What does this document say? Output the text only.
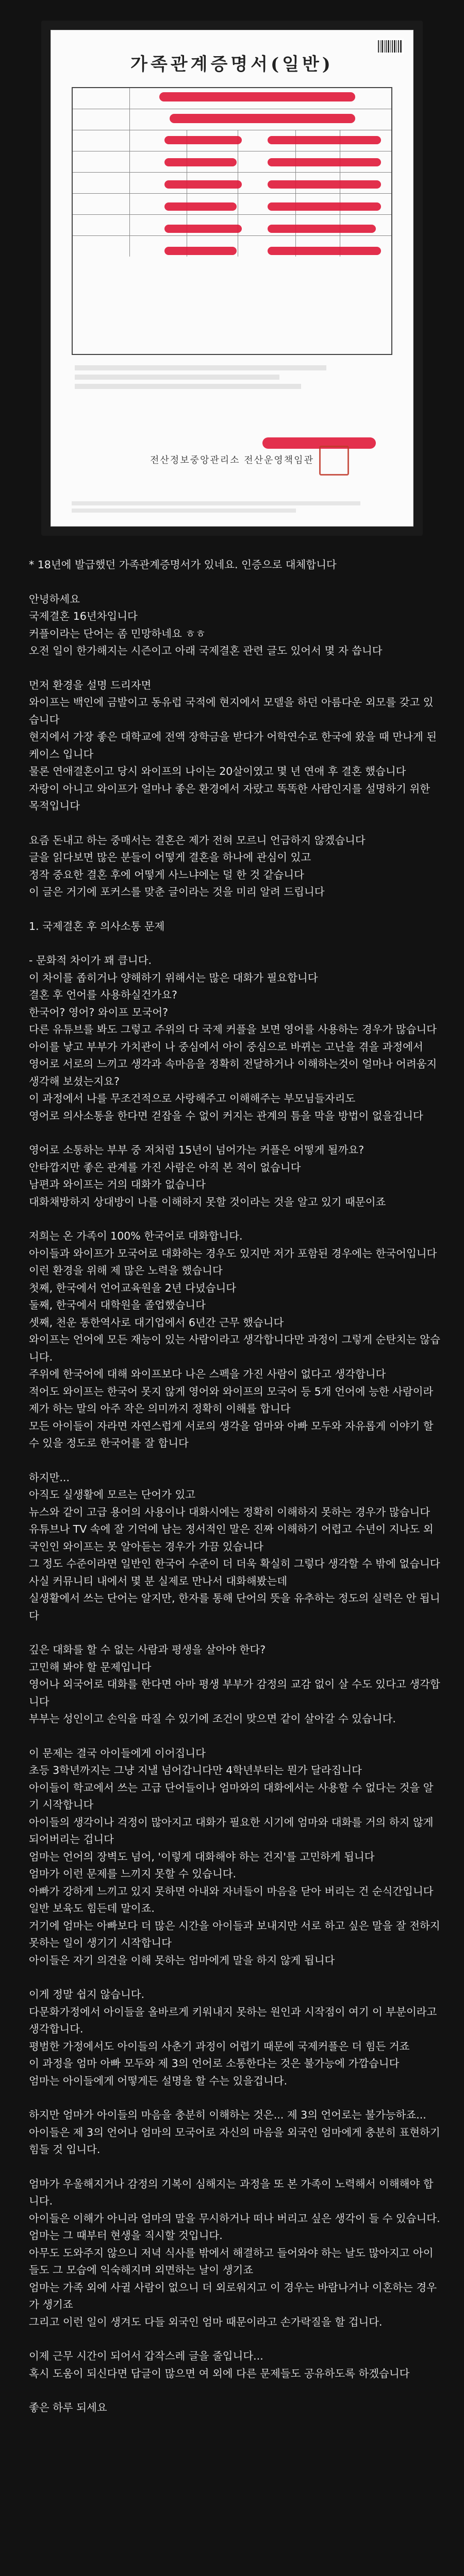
가족관계증명서(일반)
전산정보중앙관리소 전산운영책임관

* 18년에 발급했던 가족관계증명서가 있네요. 인증으로 대체합니다

안녕하세요
국제결혼 16년차입니다
커플이라는 단어는 좀 민망하네요 ㅎㅎ
오전 일이 한가해지는 시즌이고 아래 국제결혼 관련 글도 있어서 몇 자 씁니다

먼저 환경을 설명 드리자면
와이프는 백인에 금발이고 동유럽 국적에 현지에서 모델을 하던 아름다운 외모를 갖고 있습니다
현지에서 가장 좋은 대학교에 전액 장학금을 받다가 어학연수로 한국에 왔을 때 만나게 된 케이스 입니다
물론 연애결혼이고 당시 와이프의 나이는 20살이였고 몇 년 연애 후 결혼 했습니다
자랑이 아니고 와이프가 얼마나 좋은 환경에서 자랐고 똑똑한 사람인지를 설명하기 위한 목적입니다

요즘 돈내고 하는 중매서는 결혼은 제가 전혀 모르니 언급하지 않겠습니다
글을 읽다보면 많은 분들이 어떻게 결혼을 하나에 관심이 있고
정작 중요한 결혼 후에 어떻게 사느냐에는 덜 한 것 같습니다
이 글은 거기에 포커스를 맞춘 글이라는 것을 미리 알려 드립니다

1. 국제결혼 후 의사소통 문제

- 문화적 차이가 꽤 큽니다.
이 차이를 좁히거나 양해하기 위해서는 많은 대화가 필요합니다
결혼 후 언어를 사용하실건가요?
한국어? 영어? 와이프 모국어?
다른 유튜브를 봐도 그렇고 주위의 다 국제 커플을 보면 영어를 사용하는 경우가 많습니다
아이를 낳고 부부가 가치관이 나 중심에서 아이 중심으로 바뀌는 고난을 겪을 과정에서
영어로 서로의 느끼고 생각과 속마음을 정확히 전달하거나 이해하는것이 얼마나 어려움지 생각해 보셨는지요?
이 과정에서 나를 무조건적으로 사랑해주고 이해해주는 부모님들자리도
영어로 의사소통을 한다면 걷잡을 수 없이 커지는 관계의 틈을 막을 방법이 없을겁니다

영어로 소통하는 부부 중 저처럼 15년이 넘어가는 커플은 어떻게 될까요?
안타깝지만 좋은 관계를 가진 사람은 아직 본 적이 없습니다
남편과 와이프는 거의 대화가 없습니다
대화채방하지 상대방이 나를 이해하지 못할 것이라는 것을 알고 있기 때문이죠

저희는 온 가족이 100% 한국어로 대화합니다.
아이들과 와이프가 모국어로 대화하는 경우도 있지만 저가 포함된 경우에는 한국어입니다
이런 환경을 위해 제 많은 노력을 했습니다
첫째, 한국에서 언어교육원을 2년 다녔습니다
둘째, 한국에서 대학원을 졸업했습니다
셋째, 천운 통한역사로 대기업에서 6년간 근무 했습니다
와이프는 언어에 모든 재능이 있는 사람이라고 생각합니다만 과정이 그렇게 순탄치는 않습니다.
주위에 한국어에 대해 와이프보다 나은 스펙을 가진 사람이 없다고 생각합니다
적어도 와이프는 한국어 못지 않게 영어와 와이프의 모국어 등 5개 언어에 능한 사람이라 제가 하는 말의 아주 작은 의미까지 정확히 이해를 합니다
모든 아이들이 자라면 자연스럽게 서로의 생각을 엄마와 아빠 모두와 자유롭게 이야기 할 수 있을 정도로 한국어를 잘 합니다

하지만...
아직도 실생활에 모르는 단어가 있고
뉴스와 같이 고급 용어의 사용이나 대화시에는 정확히 이해하지 못하는 경우가 많습니다
유튜브나 TV 속에 잘 기억에 남는 정서적인 말은 진짜 이해하기 어렵고 수년이 지나도 외국인인 와이프는 못 알아듣는 경우가 가끔 있습니다
그 정도 수준이라면 일반인 한국어 수준이 더 더욱 확실히 그렇다 생각할 수 밖에 없습니다
사실 커뮤니티 내에서 몇 분 실제로 만나서 대화해봤는데
실생활에서 쓰는 단어는 알지만, 한자를 통해 단어의 뜻을 유추하는 정도의 실력은 안 됩니다

깊은 대화를 할 수 없는 사람과 평생을 살아야 한다?
고민해 봐야 할 문제입니다
영어나 외국어로 대화를 한다면 아마 평생 부부가 감정의 교감 없이 살 수도 있다고 생각합니다
부부는 성인이고 손익을 따질 수 있기에 조건이 맞으면 같이 살아갈 수 있습니다.

이 문제는 결국 아이들에게 이어집니다
초등 3학년까지는 그냥 지낼 넘어갑니다만 4학년부터는 뭔가 달라집니다
아이들이 학교에서 쓰는 고급 단어들이나 엄마와의 대화에서는 사용할 수 없다는 것을 알기 시작합니다
아이들의 생각이나 걱정이 많아지고 대화가 필요한 시기에 엄마와 대화를 거의 하지 않게 되어버리는 겁니다
엄마는 언어의 장벽도 넘어, '이렇게 대화해야 하는 건지'를 고민하게 됩니다
엄마가 이런 문제를 느끼지 못할 수 있습니다.
아빠가 강하게 느끼고 있지 못하면 아내와 자녀들이 마음을 닫아 버리는 건 순식간입니다
일반 보육도 힘든데 말이죠.
거기에 엄마는 아빠보다 더 많은 시간을 아이들과 보내지만 서로 하고 싶은 말을 잘 전하지 못하는 일이 생기기 시작합니다
아이들은 자기 의견을 이해 못하는 엄마에게 말을 하지 않게 됩니다

이게 정말 쉽지 않습니다.
다문화가정에서 아이들을 올바르게 키워내지 못하는 원인과 시작점이 여기 이 부분이라고 생각합니다.
평범한 가정에서도 아이들의 사춘기 과정이 어렵기 때문에 국제커플은 더 힘든 거죠
이 과정을 엄마 아빠 모두와 제 3의 언어로 소통한다는 것은 불가능에 가깝습니다
엄마는 아이들에게 어떻게든 설명을 할 수는 있을겁니다.

하지만 엄마가 아이들의 마음을 충분히 이해하는 것은... 제 3의 언어로는 불가능하죠...
아이들은 제 3의 언어나 엄마의 모국어로 자신의 마음을 외국인 엄마에게 충분히 표현하기 힘들 것 입니다.

엄마가 우울해지거나 감정의 기복이 심해지는 과정을 또 본 가족이 노력해서 이해해야 합니다.
아이들은 이해가 아니라 엄마의 말을 무시하거나 떠나 버리고 싶은 생각이 들 수 있습니다.
엄마는 그 때부터 현생을 직시할 것입니다.
아무도 도와주지 않으니 저녁 식사를 밖에서 해결하고 들어와야 하는 날도 많아지고 아이들도 그 모습에 익숙해지며 외면하는 날이 생기죠
엄마는 가족 외에 사귈 사람이 없으니 더 외로워지고 이 경우는 바람나거나 이혼하는 경우가 생기죠
그리고 이런 일이 생겨도 다들 외국인 엄마 때문이라고 손가락질을 할 겁니다.

이제 근무 시간이 되어서 갑작스레 글을 줄입니다...
혹시 도움이 되신다면 답글이 많으면 여 외에 다른 문제들도 공유하도록 하겠습니다

좋은 하루 되세요
